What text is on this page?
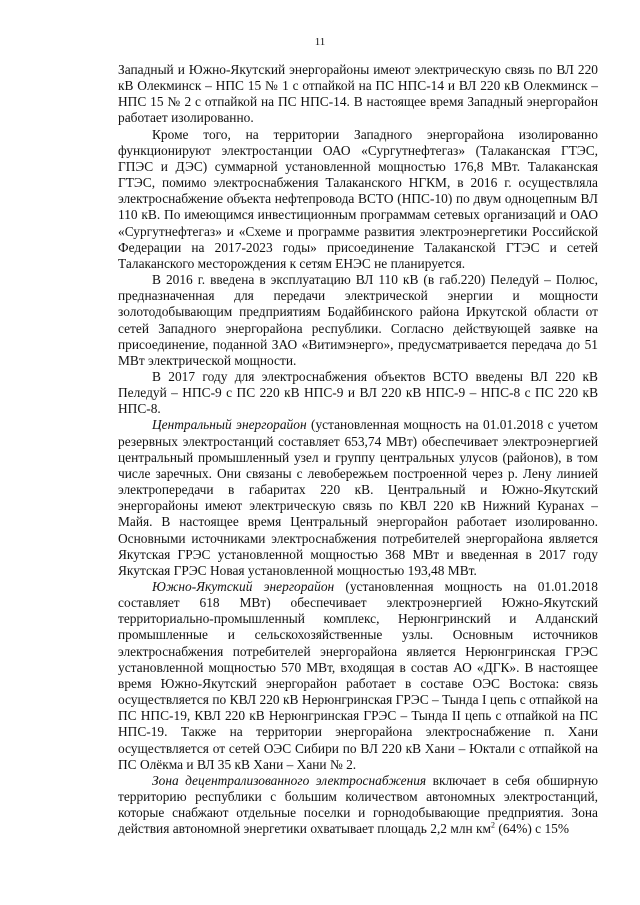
11

Западный и Южно-Якутский энергорайоны имеют электрическую связь по ВЛ 220 кВ Олекминск – НПС 15 № 1 с отпайкой на ПС НПС-14 и ВЛ 220 кВ Олекминск – НПС 15 № 2 с отпайкой на ПС НПС-14. В настоящее время Западный энергорайон работает изолированно.

Кроме того, на территории Западного энергорайона изолированно функционируют электростанции ОАО «Сургутнефтегаз» (Талаканская ГТЭС, ГПЭС и ДЭС) суммарной установленной мощностью 176,8 МВт. Талаканская ГТЭС, помимо электроснабжения Талаканского НГКМ, в 2016 г. осуществляла электроснабжение объекта нефтепровода ВСТО (НПС-10) по двум одноцепным ВЛ 110 кВ. По имеющимся инвестиционным программам сетевых организаций и ОАО «Сургутнефтегаз» и «Схеме и программе развития электроэнергетики Российской Федерации на 2017-2023 годы» присоединение Талаканской ГТЭС и сетей Талаканского месторождения к сетям ЕНЭС не планируется.

В 2016 г. введена в эксплуатацию ВЛ 110 кВ (в габ.220) Пеледуй – Полюс, предназначенная для передачи электрической энергии и мощности золотодобывающим предприятиям Бодайбинского района Иркутской области от сетей Западного энергорайона республики. Согласно действующей заявке на присоединение, поданной ЗАО «Витимэнерго», предусматривается передача до 51 МВт электрической мощности.

В 2017 году для электроснабжения объектов ВСТО введены ВЛ 220 кВ Пеледуй – НПС-9 с ПС 220 кВ НПС-9 и ВЛ 220 кВ НПС-9 – НПС-8 с ПС 220 кВ НПС-8.

Центральный энергорайон (установленная мощность на 01.01.2018 с учетом резервных электростанций составляет 653,74 МВт) обеспечивает электроэнергией центральный промышленный узел и группу центральных улусов (районов), в том числе заречных. Они связаны с левобережьем построенной через р. Лену линией электропередачи в габаритах 220 кВ. Центральный и Южно-Якутский энергорайоны имеют электрическую связь по КВЛ 220 кВ Нижний Куранах – Майя. В настоящее время Центральный энергорайон работает изолированно. Основными источниками электроснабжения потребителей энергорайона является Якутская ГРЭС установленной мощностью 368 МВт и введенная в 2017 году Якутская ГРЭС Новая установленной мощностью 193,48 МВт.

Южно-Якутский энергорайон (установленная мощность на 01.01.2018 составляет 618 МВт) обеспечивает электроэнергией Южно-Якутский территориально-промышленный комплекс, Нерюнгринский и Алданский промышленные и сельскохозяйственные узлы. Основным источников электроснабжения потребителей энергорайона является Нерюнгринская ГРЭС установленной мощностью 570 МВт, входящая в состав АО «ДГК». В настоящее время Южно-Якутский энергорайон работает в составе ОЭС Востока: связь осуществляется по КВЛ 220 кВ Нерюнгринская ГРЭС – Тында I цепь с отпайкой на ПС НПС-19, КВЛ 220 кВ Нерюнгринская ГРЭС – Тында II цепь с отпайкой на ПС НПС-19. Также на территории энергорайона электроснабжение п. Хани осуществляется от сетей ОЭС Сибири по ВЛ 220 кВ Хани – Юктали с отпайкой на ПС Олёкма и ВЛ 35 кВ Хани – Хани № 2.

Зона децентрализованного электроснабжения включает в себя обширную территорию республики с большим количеством автономных электростанций, которые снабжают отдельные поселки и горнодобывающие предприятия. Зона действия автономной энергетики охватывает площадь 2,2 млн $км^2$ (64%) с 15%
